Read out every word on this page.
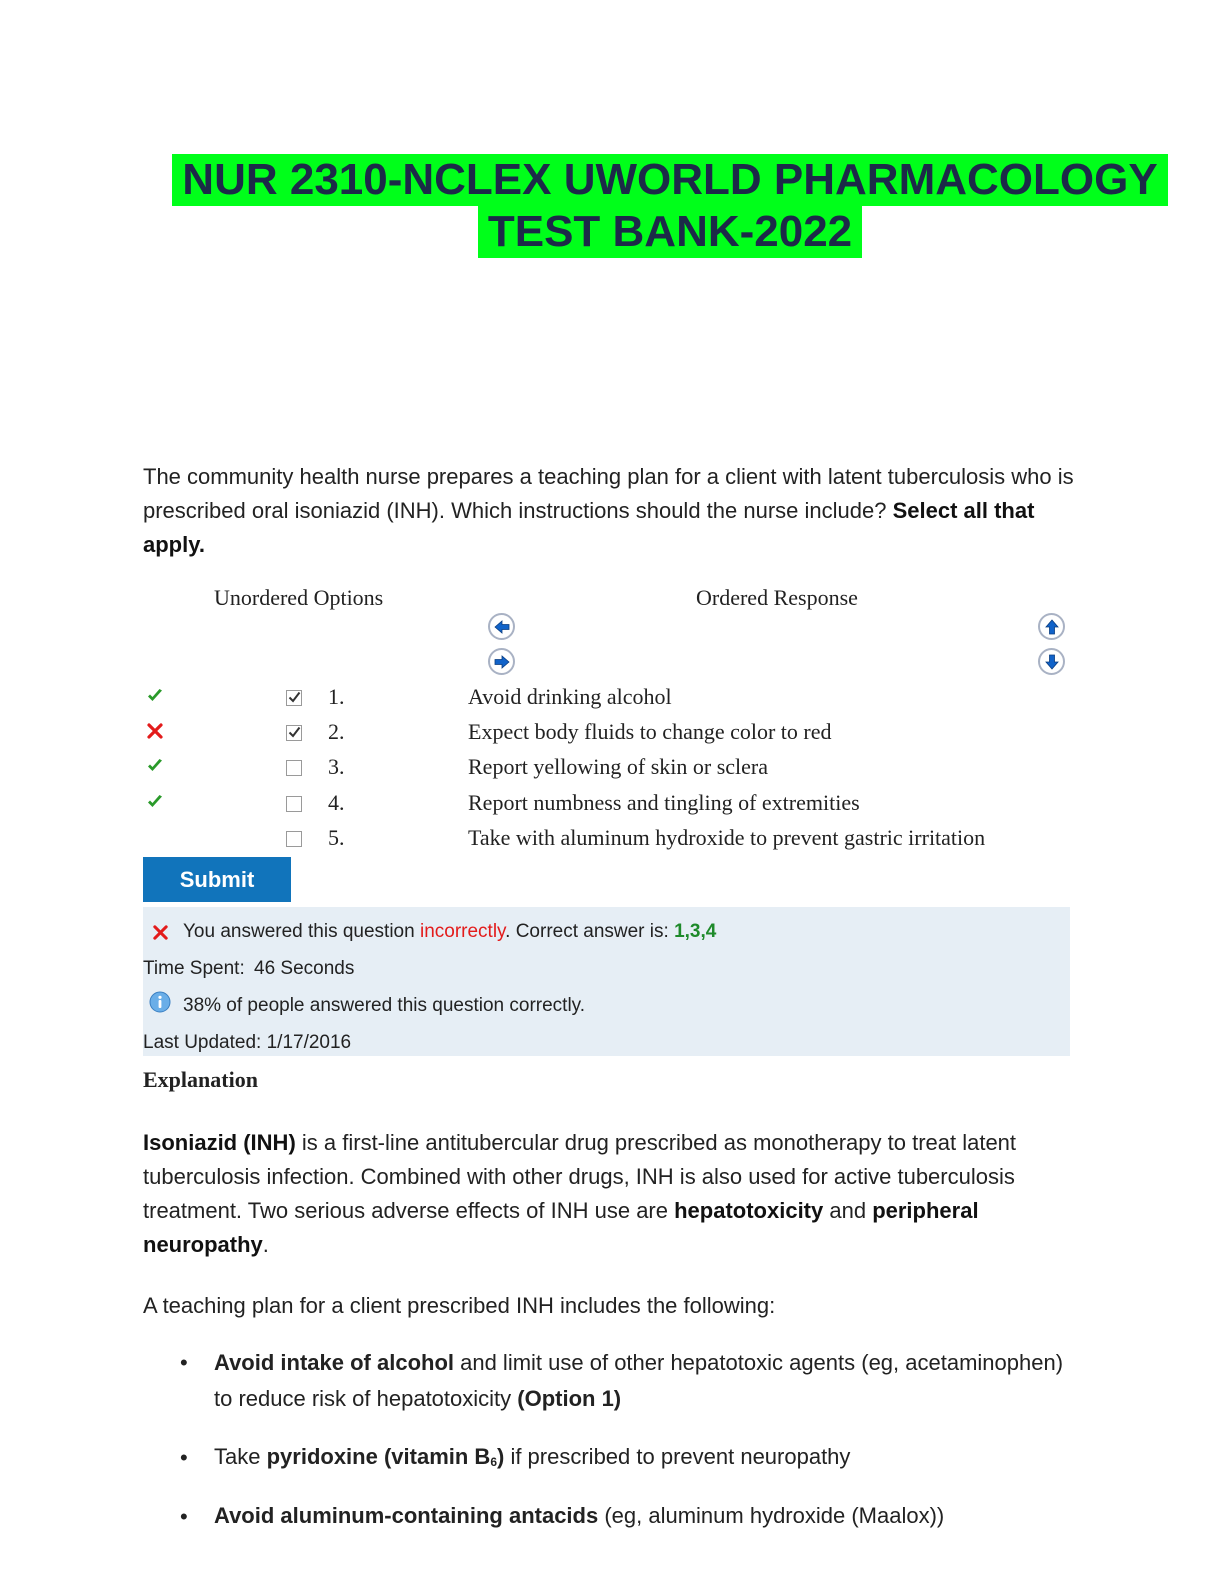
NUR 2310-NCLEX UWORLD PHARMACOLOGY
TEST BANK-2022
The community health nurse prepares a teaching plan for a client with latent tuberculosis who is prescribed oral isoniazid (INH). Which instructions should the nurse include? Select all that apply.
Unordered Options	Ordered Response
1.	Avoid drinking alcohol
2.	Expect body fluids to change color to red
3.	Report yellowing of skin or sclera
4.	Report numbness and tingling of extremities
5.	Take with aluminum hydroxide to prevent gastric irritation
Submit
You answered this question incorrectly. Correct answer is: 1,3,4
Time Spent: 46 Seconds
38% of people answered this question correctly.
Last Updated: 1/17/2016
Explanation
Isoniazid (INH) is a first-line antitubercular drug prescribed as monotherapy to treat latent tuberculosis infection. Combined with other drugs, INH is also used for active tuberculosis treatment. Two serious adverse effects of INH use are hepatotoxicity and peripheral neuropathy.
A teaching plan for a client prescribed INH includes the following:
• Avoid intake of alcohol and limit use of other hepatotoxic agents (eg, acetaminophen) to reduce risk of hepatotoxicity (Option 1)
• Take pyridoxine (vitamin $B_6$) if prescribed to prevent neuropathy
• Avoid aluminum-containing antacids (eg, aluminum hydroxide (Maalox))
